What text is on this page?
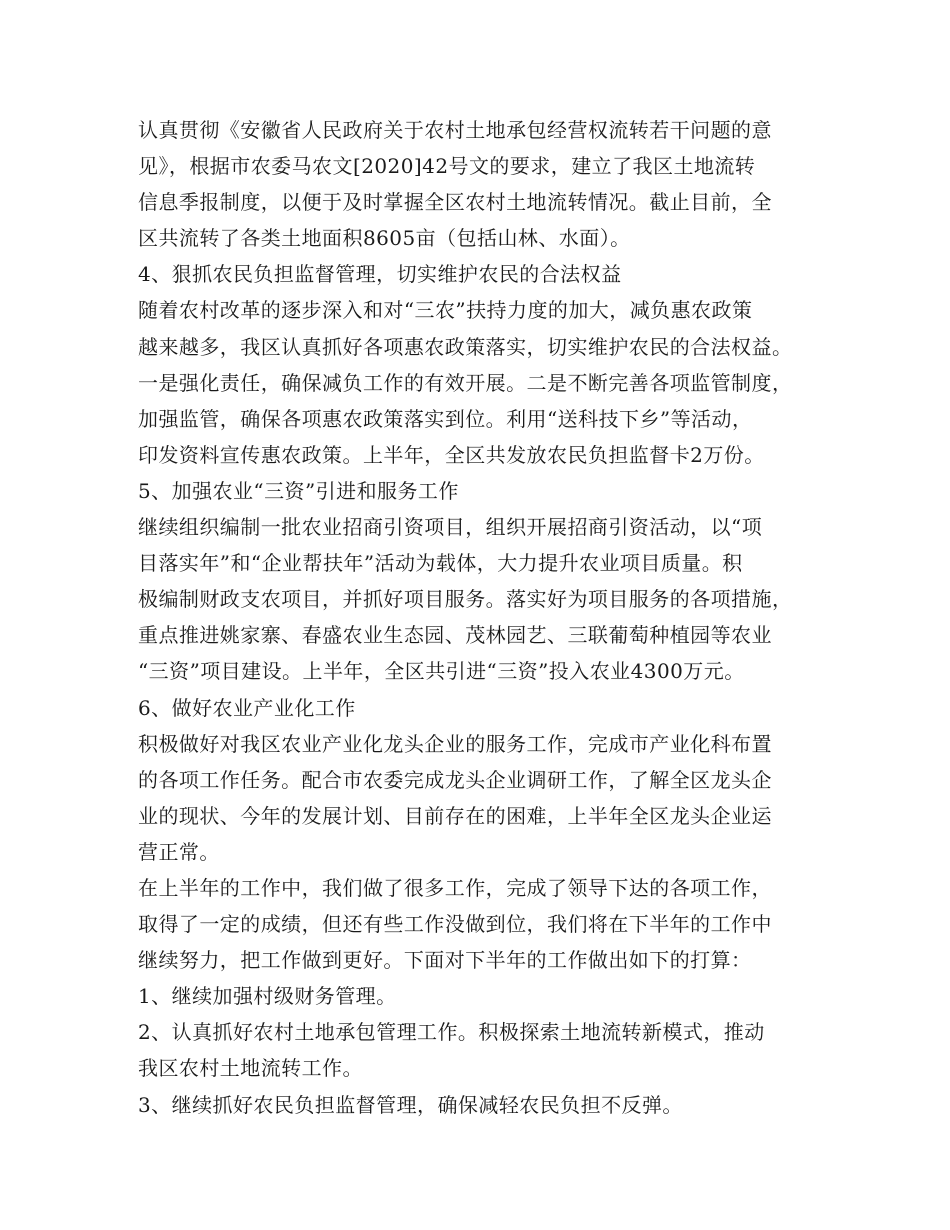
认真贯彻《安徽省人民政府关于农村土地承包经营权流转若干问题的意
见》，根据市农委马农文[2020]42号文的要求，建立了我区土地流转
信息季报制度，以便于及时掌握全区农村土地流转情况。截止目前，全
区共流转了各类土地面积8605亩（包括山林、水面）。
4、狠抓农民负担监督管理，切实维护农民的合法权益
随着农村改革的逐步深入和对“三农”扶持力度的加大，减负惠农政策
越来越多，我区认真抓好各项惠农政策落实，切实维护农民的合法权益。
一是强化责任，确保减负工作的有效开展。二是不断完善各项监管制度，
加强监管，确保各项惠农政策落实到位。利用“送科技下乡”等活动，
印发资料宣传惠农政策。上半年，全区共发放农民负担监督卡2万份。
5、加强农业“三资”引进和服务工作
继续组织编制一批农业招商引资项目，组织开展招商引资活动，以“项
目落实年”和“企业帮扶年”活动为载体，大力提升农业项目质量。积
极编制财政支农项目，并抓好项目服务。落实好为项目服务的各项措施，
重点推进姚家寨、春盛农业生态园、茂林园艺、三联葡萄种植园等农业
“三资”项目建设。上半年，全区共引进“三资”投入农业4300万元。
6、做好农业产业化工作
积极做好对我区农业产业化龙头企业的服务工作，完成市产业化科布置
的各项工作任务。配合市农委完成龙头企业调研工作，了解全区龙头企
业的现状、今年的发展计划、目前存在的困难，上半年全区龙头企业运
营正常。
在上半年的工作中，我们做了很多工作，完成了领导下达的各项工作，
取得了一定的成绩，但还有些工作没做到位，我们将在下半年的工作中
继续努力，把工作做到更好。下面对下半年的工作做出如下的打算：
1、继续加强村级财务管理。
2、认真抓好农村土地承包管理工作。积极探索土地流转新模式，推动
我区农村土地流转工作。
3、继续抓好农民负担监督管理，确保减轻农民负担不反弹。
